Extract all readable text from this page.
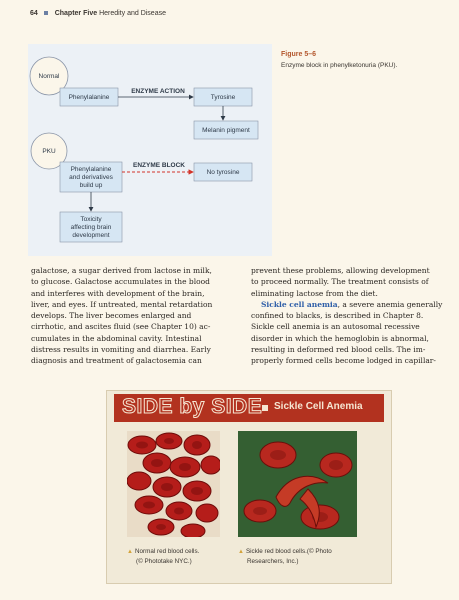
64 Chapter Five Heredity and Disease
Normal
Phenylalanine
ENZYME ACTION
Tyrosine
Melanin pigment
PKU
Phenylalanine
and derivatives
build up
ENZYME BLOCK
No tyrosine
Toxicity
affecting brain
development
Figure 5–6
Enzyme block in phenylketonuria (PKU).
galactose, a sugar derived from lactose in milk,
to glucose. Galactose accumulates in the blood
and interferes with development of the brain,
liver, and eyes. If untreated, mental retardation
develops. The liver becomes enlarged and
cirrhotic, and ascites fluid (see Chapter 10) ac-
cumulates in the abdominal cavity. Intestinal
distress results in vomiting and diarrhea. Early
diagnosis and treatment of galactosemia can
prevent these problems, allowing development
to proceed normally. The treatment consists of
eliminating lactose from the diet.
Sickle cell anemia, a severe anemia generally
confined to blacks, is described in Chapter 8.
Sickle cell anemia is an autosomal recessive
disorder in which the hemoglobin is abnormal,
resulting in deformed red blood cells. The im-
properly formed cells become lodged in capillar-
SIDE by SIDE Sickle Cell Anemia
▲ Normal red blood cells.
(© Phototake NYC.)
▲ Sickle red blood cells.(© Photo
Researchers, Inc.)
